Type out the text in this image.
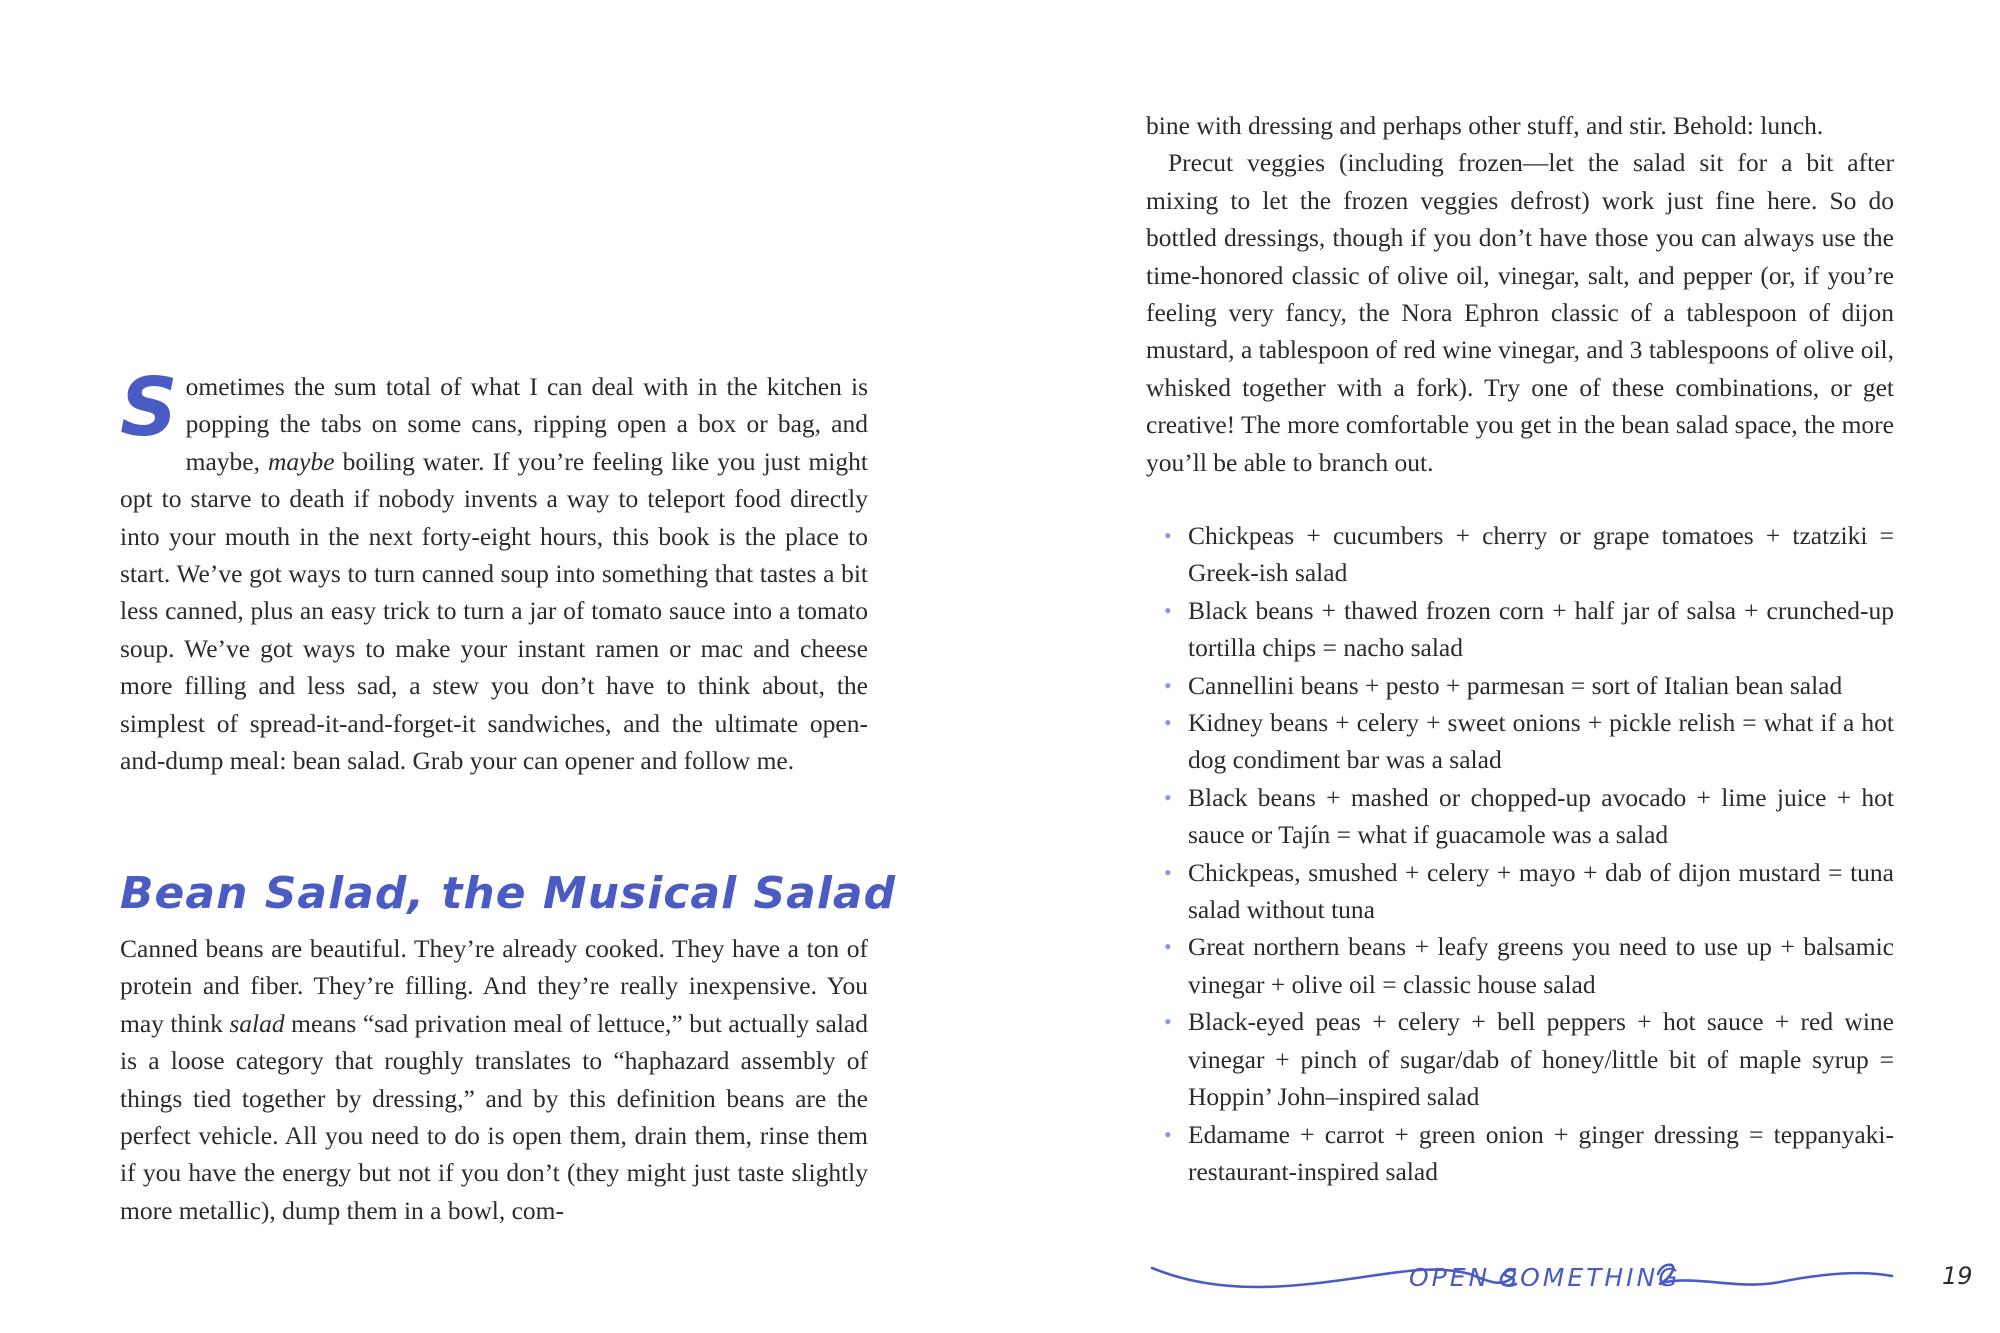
Sometimes the sum total of what I can deal with in the kitchen is popping the tabs on some cans, ripping open a box or bag, and maybe, maybe boiling water. If you’re feeling like you just might opt to starve to death if nobody invents a way to teleport food directly into your mouth in the next forty-eight hours, this book is the place to start. We’ve got ways to turn canned soup into something that tastes a bit less canned, plus an easy trick to turn a jar of tomato sauce into a tomato soup. We’ve got ways to make your instant ramen or mac and cheese more filling and less sad, a stew you don’t have to think about, the simplest of spread-it-and-forget-it sandwiches, and the ultimate open-and-dump meal: bean salad. Grab your can opener and follow me.

Bean Salad, the Musical Salad

Canned beans are beautiful. They’re already cooked. They have a ton of protein and fiber. They’re filling. And they’re really inexpensive. You may think salad means “sad privation meal of lettuce,” but actually salad is a loose category that roughly translates to “haphazard assembly of things tied together by dressing,” and by this definition beans are the perfect vehicle. All you need to do is open them, drain them, rinse them if you have the energy but not if you don’t (they might just taste slightly more metallic), dump them in a bowl, com-

bine with dressing and perhaps other stuff, and stir. Behold: lunch.

Precut veggies (including frozen—let the salad sit for a bit after mixing to let the frozen veggies defrost) work just fine here. So do bottled dressings, though if you don’t have those you can always use the time-honored classic of olive oil, vinegar, salt, and pepper (or, if you’re feeling very fancy, the Nora Ephron classic of a tablespoon of dijon mustard, a tablespoon of red wine vinegar, and 3 tablespoons of olive oil, whisked together with a fork). Try one of these combinations, or get creative! The more comfortable you get in the bean salad space, the more you’ll be able to branch out.

• Chickpeas + cucumbers + cherry or grape tomatoes + tzatziki = Greek-ish salad
• Black beans + thawed frozen corn + half jar of salsa + crunched-up tortilla chips = nacho salad
• Cannellini beans + pesto + parmesan = sort of Italian bean salad
• Kidney beans + celery + sweet onions + pickle relish = what if a hot dog condiment bar was a salad
• Black beans + mashed or chopped-up avocado + lime juice + hot sauce or Tajín = what if guacamole was a salad
• Chickpeas, smushed + celery + mayo + dab of dijon mustard = tuna salad without tuna
• Great northern beans + leafy greens you need to use up + balsamic vinegar + olive oil = classic house salad
• Black-eyed peas + celery + bell peppers + hot sauce + red wine vinegar + pinch of sugar/dab of honey/little bit of maple syrup = Hoppin’ John–inspired salad
• Edamame + carrot + green onion + ginger dressing = teppanyaki-restaurant-inspired salad
OPEN SOMETHING	19
